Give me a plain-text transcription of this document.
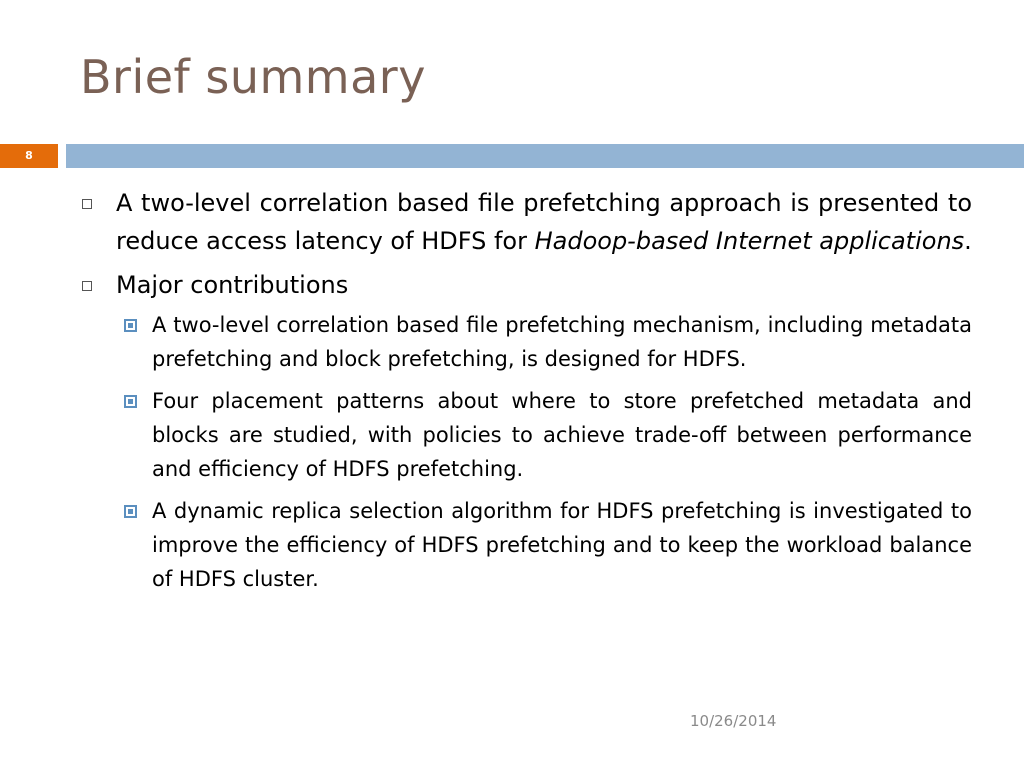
Brief summary
8
A two-level correlation based file prefetching approach is presented to reduce access latency of HDFS for Hadoop-based Internet applications.
Major contributions
A two-level correlation based file prefetching mechanism, including metadata prefetching and block prefetching, is designed for HDFS.
Four placement patterns about where to store prefetched metadata and blocks are studied, with policies to achieve trade-off between performance and efficiency of HDFS prefetching.
A dynamic replica selection algorithm for HDFS prefetching is investigated to improve the efficiency of HDFS prefetching and to keep the workload balance of HDFS cluster.
10/26/2014
